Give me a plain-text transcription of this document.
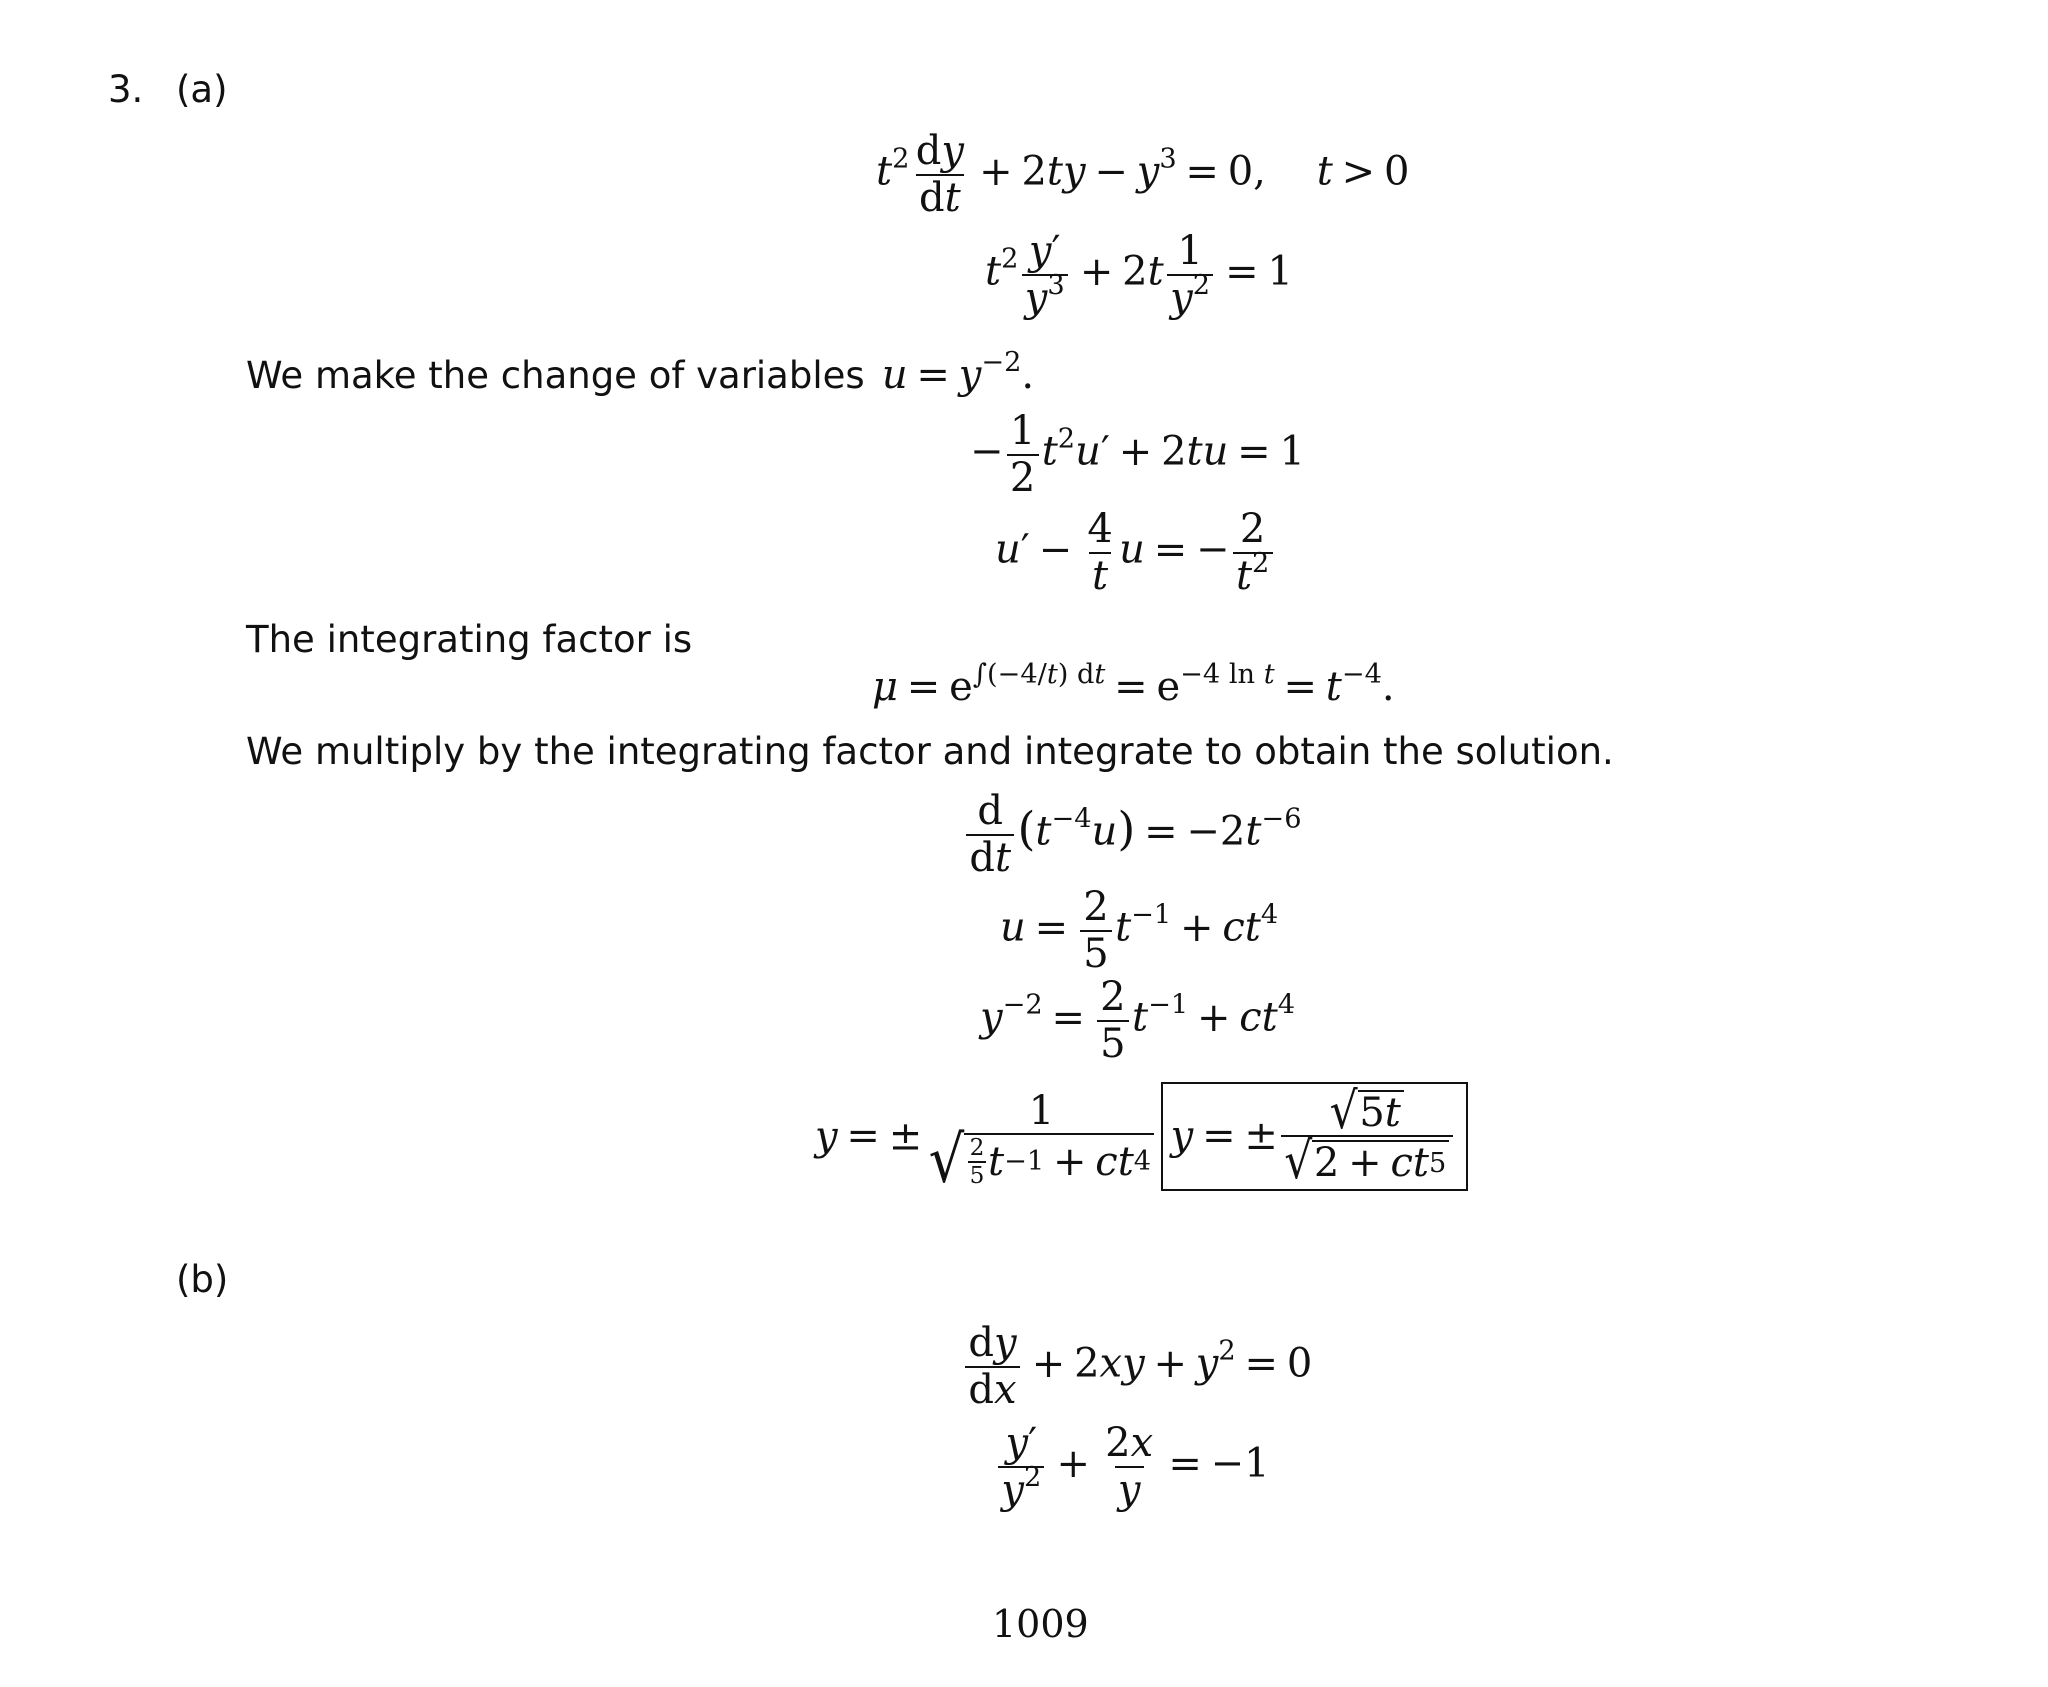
3. (a)
$t^2 \frac{dy}{dt} + 2ty - y^3 = 0$,    t > 0
$t^2 \frac{y'}{y^3} + 2t \frac{1}{y^2} = 1$
We make the change of variables $u = y^{-2}$.
− $\frac{1}{2} t^2u' + 2tu = 1$
$u' - \frac{4}{t}$ u = − $\frac{2}{t^2}$
The integrating factor is
$\mu = e^{\int(-4/t) dt} = e^{-4 ln t} = t^{-4}$.
We multiply by the integrating factor and integrate to obtain the solution.
$\frac{d}{dt} (t^{-4}u) = -2t^{-6}$
$u = \frac{2}{5} t^{-1} + ct^4$
$y^{-2} = \frac{2}{5} t^{-1} + ct^4$
y = ±
1
√ $\frac{2}{5}$ t −1 + ct 4
y = ± $\frac{√ 5 t}{√ 2 + ct 5}$
(b)
$\frac{dy}{dx} + 2xy + y^2 = 0$
$\frac{y'}{y^2} + \frac{2x}{y} = -1$
1009
